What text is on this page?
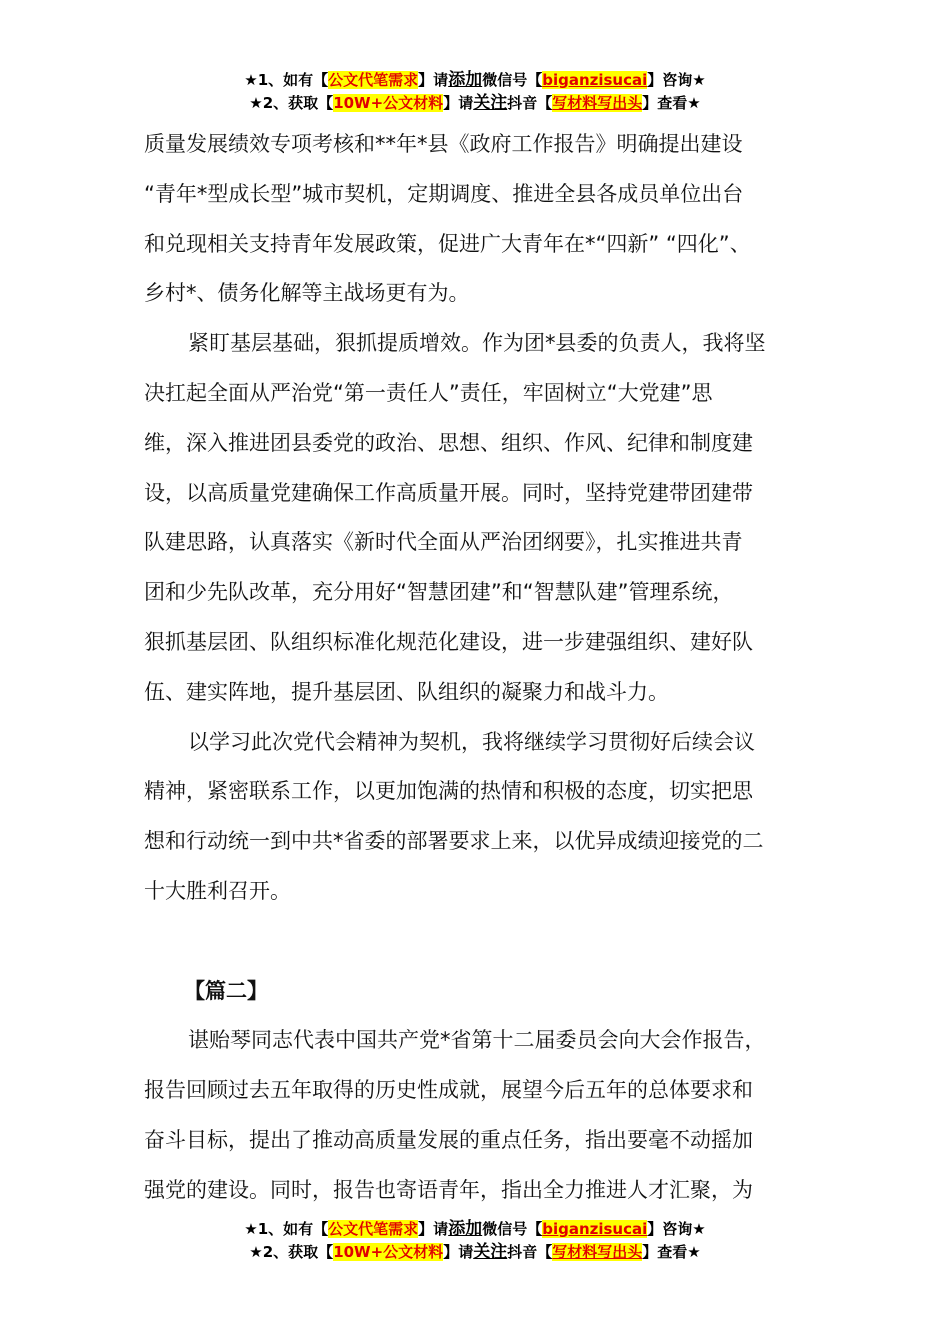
★1、如有【公文代笔需求】请添加微信号【biganzisucai】咨询★
★2、获取【10W+公文材料】请关注抖音【写材料写出头】查看★
质量发展绩效专项考核和**年*县《政府工作报告》明确提出建设
“青年*型成长型”城市契机，定期调度、推进全县各成员单位出台
和兑现相关支持青年发展政策，促进广大青年在*“四新” “四化”、
乡村*、债务化解等主战场更有为。
紧盯基层基础，狠抓提质增效。作为团*县委的负责人，我将坚
决扛起全面从严治党“第一责任人”责任，牢固树立“大党建”思
维，深入推进团县委党的政治、思想、组织、作风、纪律和制度建
设，以高质量党建确保工作高质量开展。同时，坚持党建带团建带
队建思路，认真落实《新时代全面从严治团纲要》，扎实推进共青
团和少先队改革，充分用好“智慧团建”和“智慧队建”管理系统，
狠抓基层团、队组织标准化规范化建设，进一步建强组织、建好队
伍、建实阵地，提升基层团、队组织的凝聚力和战斗力。
以学习此次党代会精神为契机，我将继续学习贯彻好后续会议
精神，紧密联系工作，以更加饱满的热情和积极的态度，切实把思
想和行动统一到中共*省委的部署要求上来，以优异成绩迎接党的二
十大胜利召开。
【篇二】
谌贻琴同志代表中国共产党*省第十二届委员会向大会作报告，
报告回顾过去五年取得的历史性成就，展望今后五年的总体要求和
奋斗目标，提出了推动高质量发展的重点任务，指出要毫不动摇加
强党的建设。同时，报告也寄语青年，指出全力推进人才汇聚，为
★1、如有【公文代笔需求】请添加微信号【biganzisucai】咨询★
★2、获取【10W+公文材料】请关注抖音【写材料写出头】查看★
